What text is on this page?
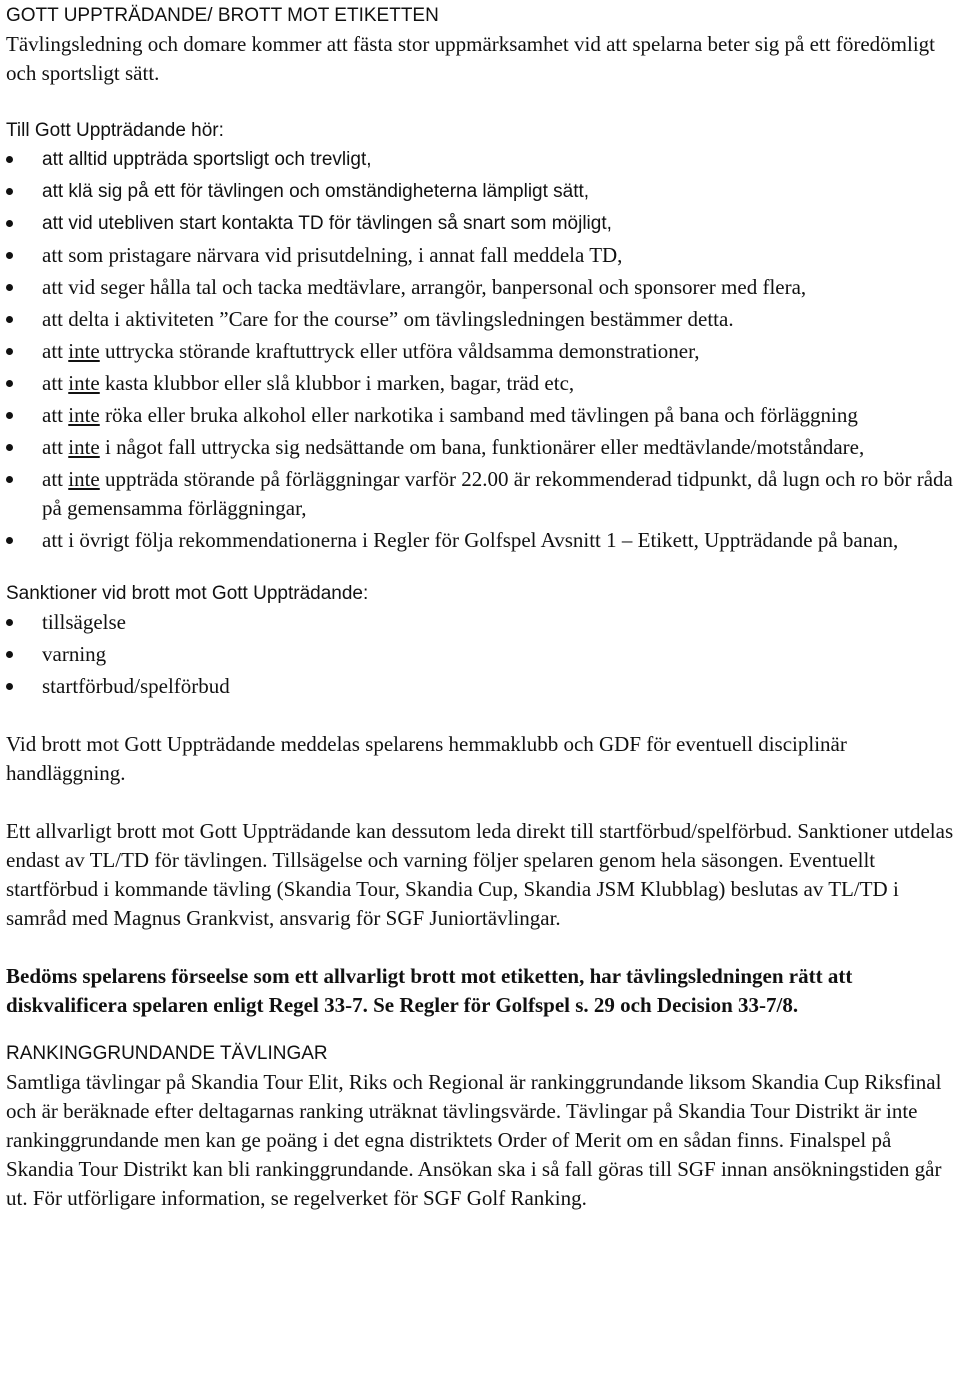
GOTT UPPTRÄDANDE/ BROTT MOT ETIKETTEN
Tävlingsledning och domare kommer att fästa stor uppmärksamhet vid att spelarna beter sig på ett föredömligt och sportsligt sätt.
Till Gott Uppträdande hör:
att alltid uppträda sportsligt och trevligt,
att klä sig på ett för tävlingen och omständigheterna lämpligt sätt,
att vid utebliven start kontakta TD för tävlingen så snart som möjligt,
att som pristagare närvara vid prisutdelning, i annat fall meddela TD,
att vid seger hålla tal och tacka medtävlare, arrangör, banpersonal och sponsorer med flera,
att delta i aktiviteten ”Care for the course” om tävlingsledningen bestämmer detta.
att inte uttrycka störande kraftuttryck eller utföra våldsamma demonstrationer,
att inte kasta klubbor eller slå klubbor i marken, bagar, träd etc,
att inte röka eller bruka alkohol eller narkotika i samband med tävlingen på bana och förläggning
att inte i något fall uttrycka sig nedsättande om bana, funktionärer eller medtävlande/motståndare,
att inte uppträda störande på förläggningar varför 22.00 är rekommenderad tidpunkt, då lugn och ro bör råda på gemensamma förläggningar,
att i övrigt följa rekommendationerna i Regler för Golfspel Avsnitt 1 – Etikett, Uppträdande på banan,
Sanktioner vid brott mot Gott Uppträdande:
tillsägelse
varning
startförbud/spelförbud
Vid brott mot Gott Uppträdande meddelas spelarens hemmaklubb och GDF för eventuell disciplinär handläggning.
Ett allvarligt brott mot Gott Uppträdande kan dessutom leda direkt till startförbud/spelförbud. Sanktioner utdelas endast av TL/TD för tävlingen. Tillsägelse och varning följer spelaren genom hela säsongen. Eventuellt startförbud i kommande tävling (Skandia Tour, Skandia Cup, Skandia JSM Klubblag) beslutas av TL/TD i samråd med Magnus Grankvist, ansvarig för SGF Juniortävlingar.
Bedöms spelarens förseelse som ett allvarligt brott mot etiketten, har tävlingsledningen rätt att diskvalificera spelaren enligt Regel 33-7. Se Regler för Golfspel s. 29 och Decision 33-7/8.
RANKINGGRUNDANDE TÄVLINGAR
Samtliga tävlingar på Skandia Tour Elit, Riks och Regional är rankinggrundande liksom Skandia Cup Riksfinal och är beräknade efter deltagarnas ranking uträknat tävlingsvärde. Tävlingar på Skandia Tour Distrikt är inte rankinggrundande men kan ge poäng i det egna distriktets Order of Merit om en sådan finns. Finalspel på Skandia Tour Distrikt kan bli rankinggrundande. Ansökan ska i så fall göras till SGF innan ansökningstiden går ut. För utförligare information, se regelverket för SGF Golf Ranking.
